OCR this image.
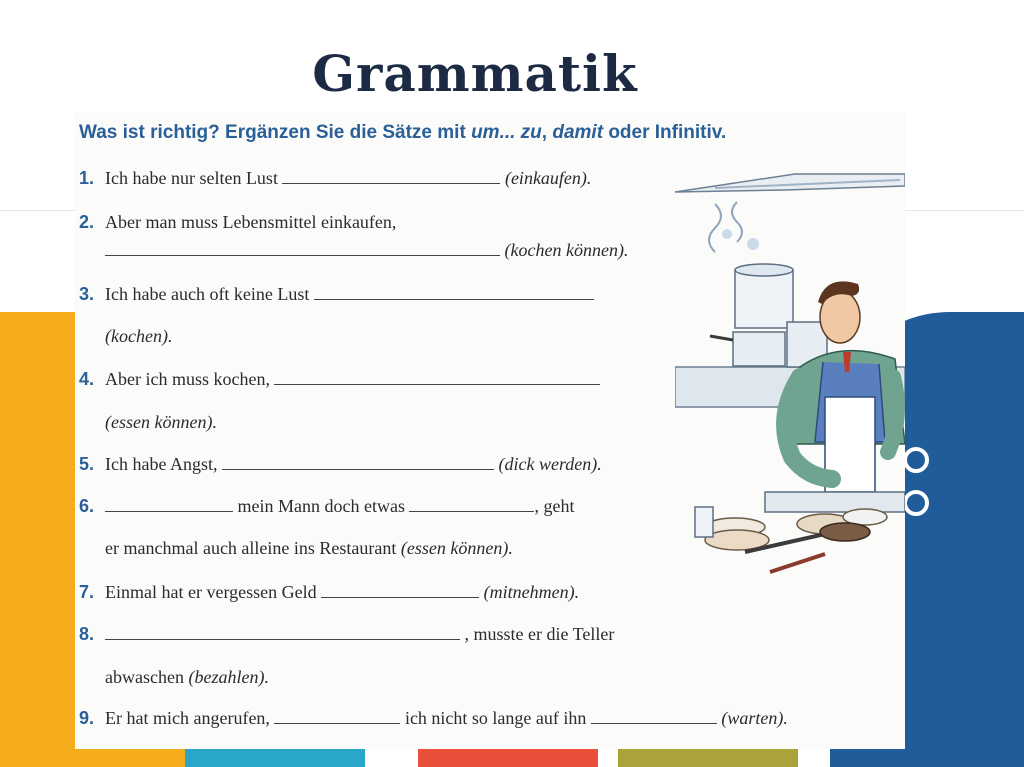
Grammatik
Was ist richtig? Ergänzen Sie die Sätze mit um... zu, damit oder Infinitiv.
1. Ich habe nur selten Lust	(einkaufen).
2. Aber man muss Lebensmittel einkaufen,
(kochen können).
3. Ich habe auch oft keine Lust
(kochen).
4. Aber ich muss kochen,
(essen können).
5. Ich habe Angst,	(dick werden).
6.	mein Mann doch etwas	, geht
er manchmal auch alleine ins Restaurant (essen können).
7. Einmal hat er vergessen Geld	(mitnehmen).
8.	, musste er die Teller
abwaschen (bezahlen).
9. Er hat mich angerufen,	ich nicht so lange auf ihn	(warten).
